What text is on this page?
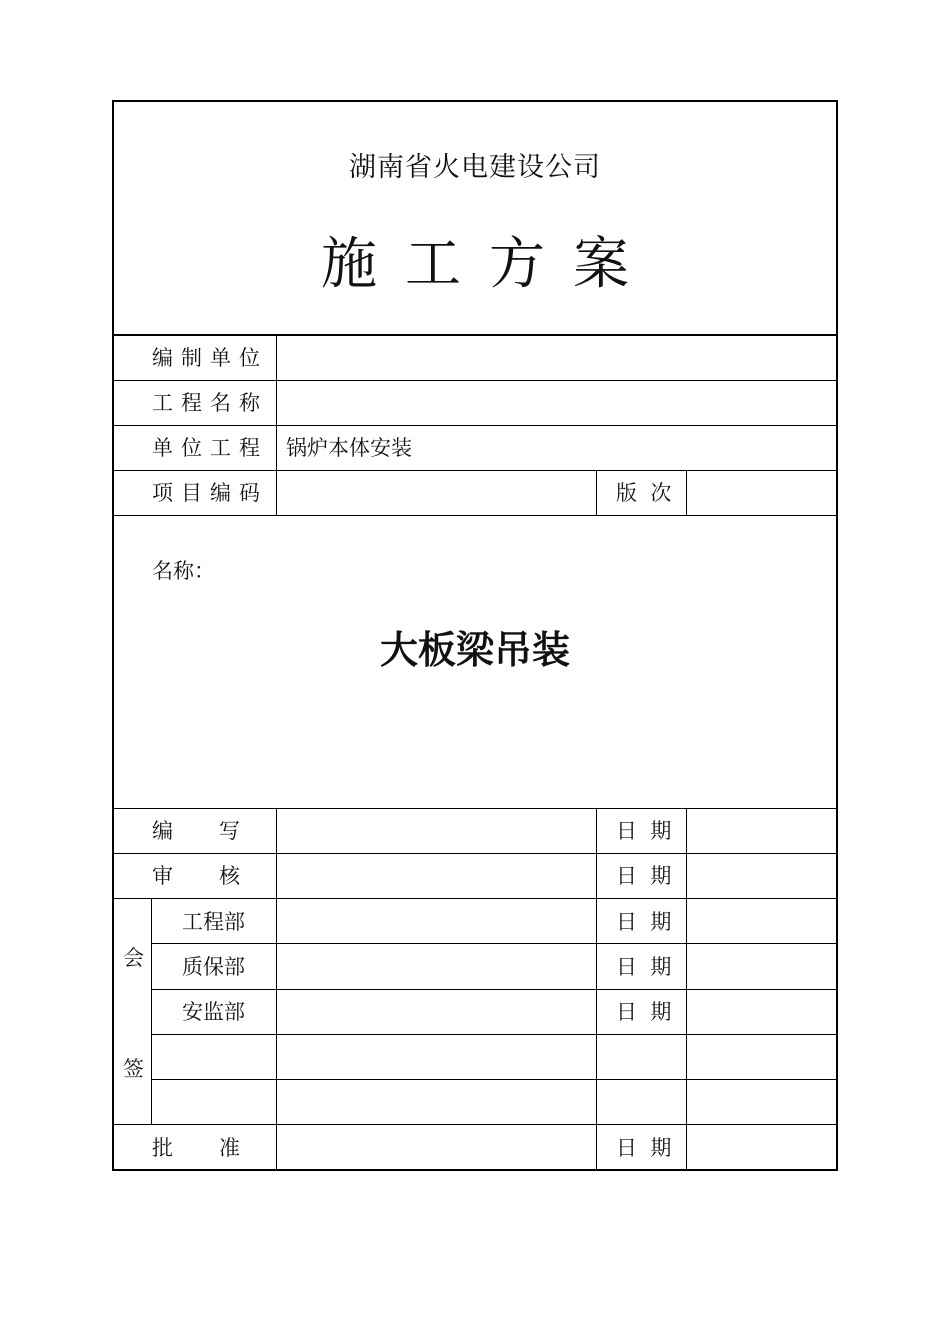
湖南省火电建设公司
施工方案
编制单位
工程名称
单位工程 锅炉本体安装
项目编码	版  次
名称：
大板梁吊装
编 写	日  期
审 核	日  期
会
签
工程部	日  期
质保部	日  期
安监部	日  期
批 准	日  期
